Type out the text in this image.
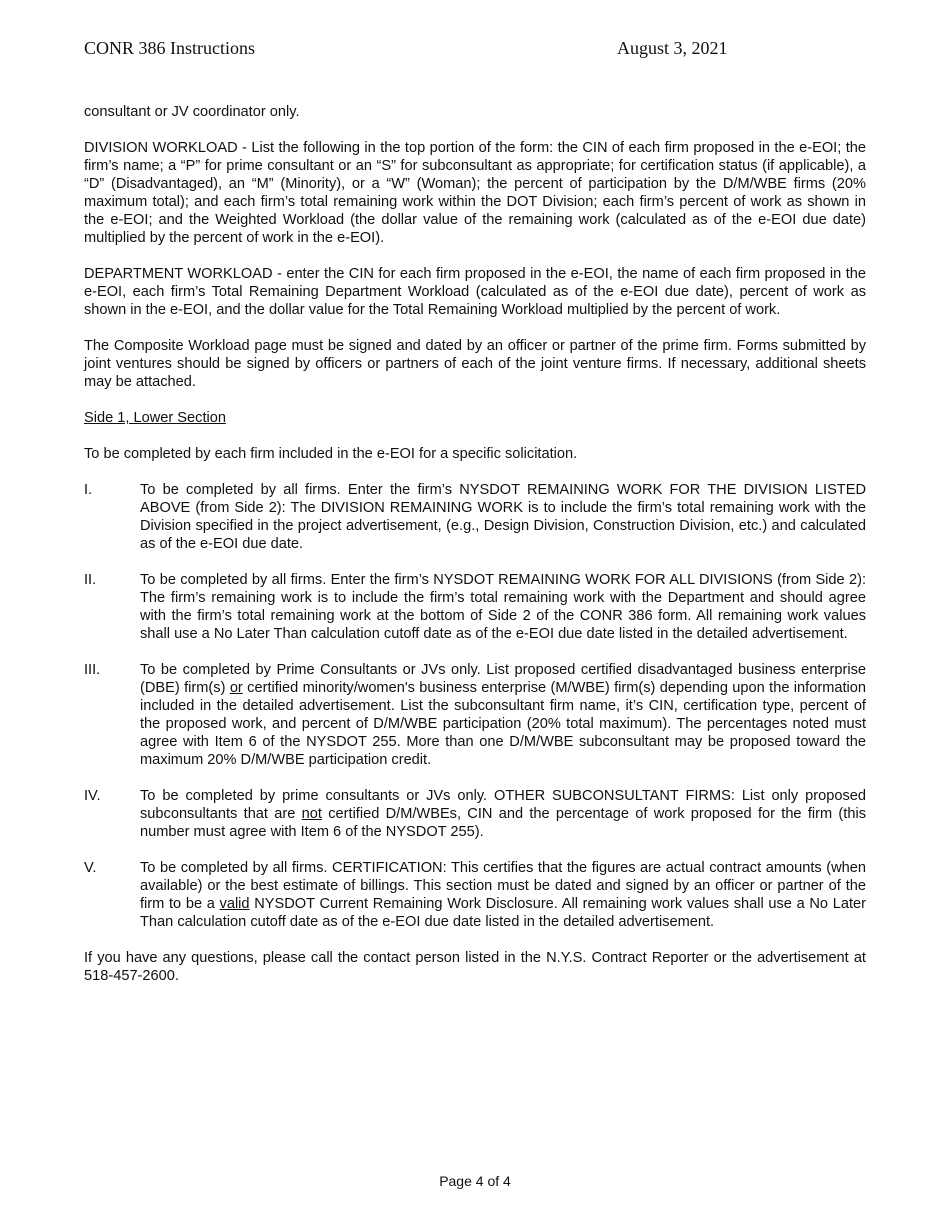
CONR 386 Instructions	August 3, 2021

consultant or JV coordinator only.

DIVISION WORKLOAD - List the following in the top portion of the form: the CIN of each firm proposed in the e-EOI; the firm’s name; a “P” for prime consultant or an “S” for subconsultant as appropriate; for certification status (if applicable), a “D” (Disadvantaged), an “M” (Minority), or a “W” (Woman); the percent of participation by the D/M/WBE firms (20% maximum total); and each firm’s total remaining work within the DOT Division; each firm’s percent of work as shown in the e-EOI; and the Weighted Workload (the dollar value of the remaining work (calculated as of the e-EOI due date) multiplied by the percent of work in the e-EOI).

DEPARTMENT WORKLOAD - enter the CIN for each firm proposed in the e-EOI, the name of each firm proposed in the e-EOI, each firm’s Total Remaining Department Workload (calculated as of the e-EOI due date), percent of work as shown in the e-EOI, and the dollar value for the Total Remaining Workload multiplied by the percent of work.

The Composite Workload page must be signed and dated by an officer or partner of the prime firm. Forms submitted by joint ventures should be signed by officers or partners of each of the joint venture firms. If necessary, additional sheets may be attached.

Side 1, Lower Section

To be completed by each firm included in the e-EOI for a specific solicitation.

I.	To be completed by all firms. Enter the firm’s NYSDOT REMAINING WORK FOR THE DIVISION LISTED ABOVE (from Side 2): The DIVISION REMAINING WORK is to include the firm’s total remaining work with the Division specified in the project advertisement, (e.g., Design Division, Construction Division, etc.) and calculated as of the e-EOI due date.
II.	To be completed by all firms. Enter the firm’s NYSDOT REMAINING WORK FOR ALL DIVISIONS (from Side 2): The firm’s remaining work is to include the firm’s total remaining work with the Department and should agree with the firm’s total remaining work at the bottom of Side 2 of the CONR 386 form. All remaining work values shall use a No Later Than calculation cutoff date as of the e-EOI due date listed in the detailed advertisement.
III.	To be completed by Prime Consultants or JVs only. List proposed certified disadvantaged business enterprise (DBE) firm(s) or certified minority/women's business enterprise (M/WBE) firm(s) depending upon the information included in the detailed advertisement. List the subconsultant firm name, it’s CIN, certification type, percent of the proposed work, and percent of D/M/WBE participation (20% total maximum). The percentages noted must agree with Item 6 of the NYSDOT 255. More than one D/M/WBE subconsultant may be proposed toward the maximum 20% D/M/WBE participation credit.
IV.	To be completed by prime consultants or JVs only. OTHER SUBCONSULTANT FIRMS: List only proposed subconsultants that are not certified D/M/WBEs, CIN and the percentage of work proposed for the firm (this number must agree with Item 6 of the NYSDOT 255).
V.	To be completed by all firms. CERTIFICATION: This certifies that the figures are actual contract amounts (when available) or the best estimate of billings. This section must be dated and signed by an officer or partner of the firm to be a valid NYSDOT Current Remaining Work Disclosure. All remaining work values shall use a No Later Than calculation cutoff date as of the e-EOI due date listed in the detailed advertisement.

If you have any questions, please call the contact person listed in the N.Y.S. Contract Reporter or the advertisement at 518-457-2600.

Page 4 of 4
